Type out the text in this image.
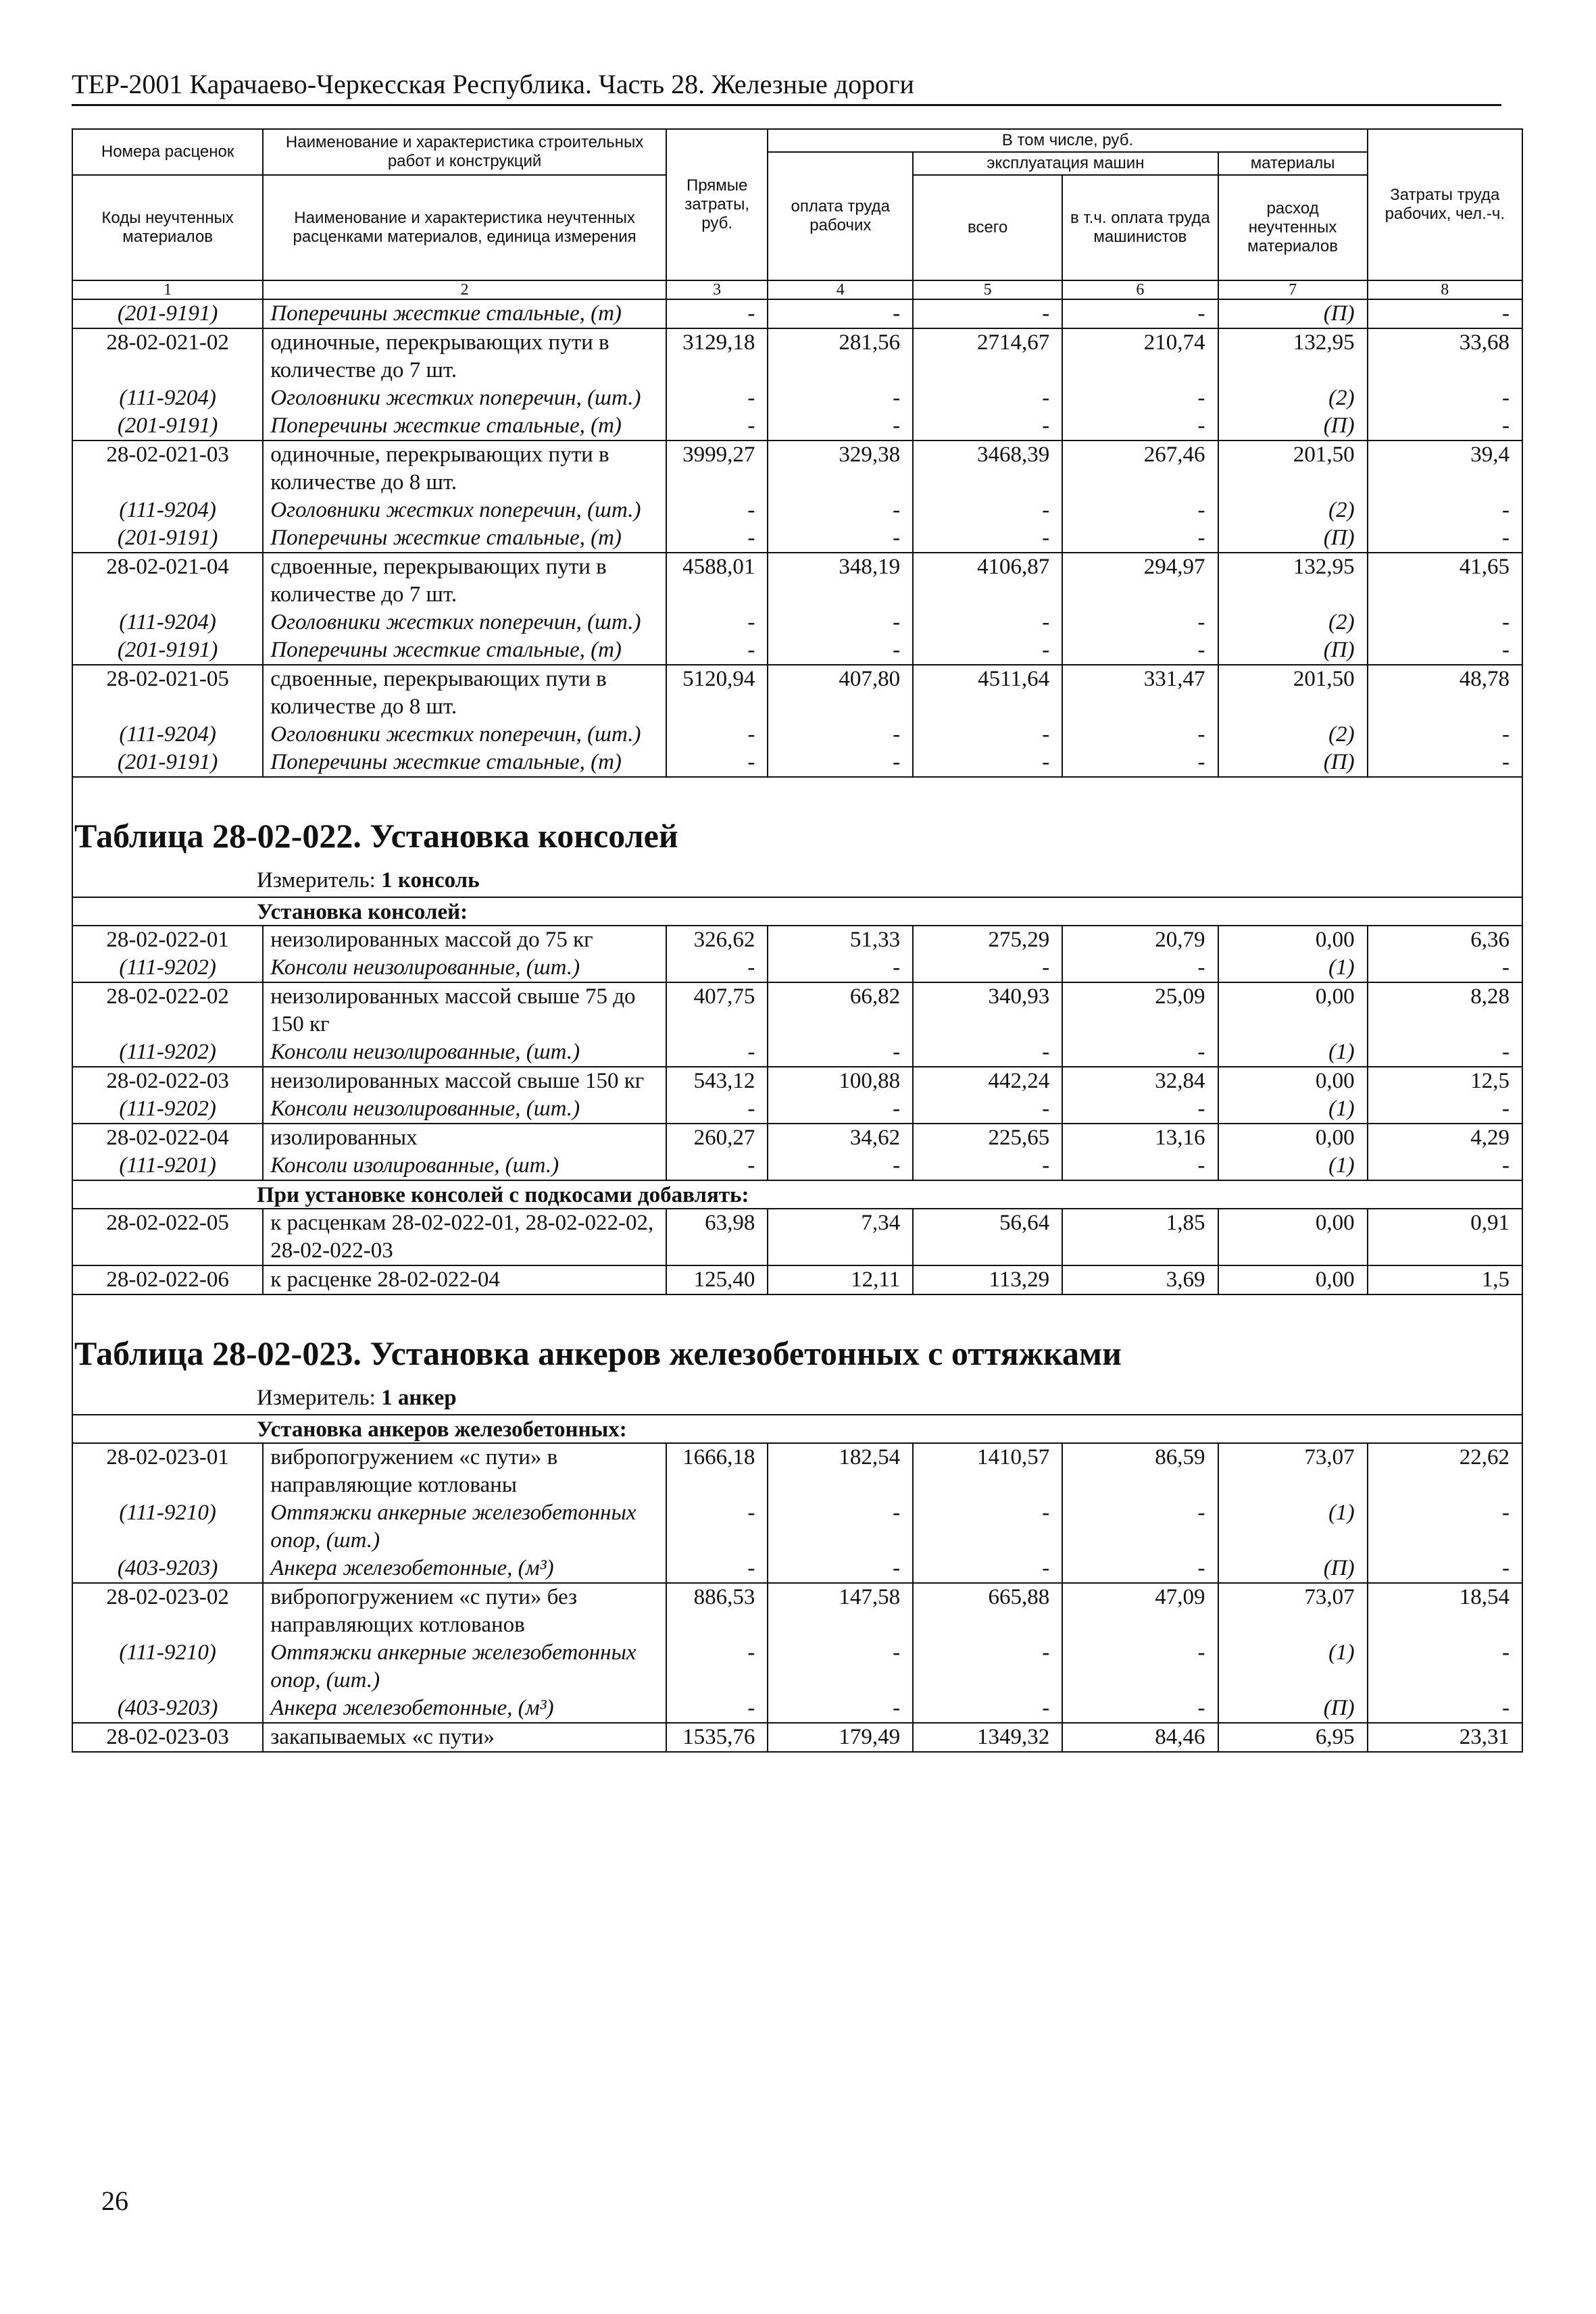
ТЕР-2001 Карачаево-Черкесская Республика. Часть 28. Железные дороги
Номера расценок	Наименование и характеристика строительных работ и конструкций	Прямые затраты, руб.	В том числе, руб.				Затраты труда рабочих, чел.-ч.
			оплата труда рабочих	эксплуатация машин		материалы	
Коды неучтенных материалов	Наименование и характеристика неучтенных расценками материалов, единица измерения			всего	в т.ч. оплата труда машинистов	расход неучтенных материалов	

1	2	3	4	5	6	7	8
(201-9191)	Поперечины жесткие стальные, (т)	-	-	-	-	(П)	-
28-02-021-02	одиночные, перекрывающих пути в количестве до 7 шт.	3129,18	281,56	2714,67	210,74	132,95	33,68
(111-9204)	Оголовники жестких поперечин, (шт.)	-	-	-	-	(2)	-
(201-9191)	Поперечины жесткие стальные, (т)	-	-	-	-	(П)	-
28-02-021-03	одиночные, перекрывающих пути в количестве до 8 шт.	3999,27	329,38	3468,39	267,46	201,50	39,4
(111-9204)	Оголовники жестких поперечин, (шт.)	-	-	-	-	(2)	-
(201-9191)	Поперечины жесткие стальные, (т)	-	-	-	-	(П)	-
28-02-021-04	сдвоенные, перекрывающих пути в количестве до 7 шт.	4588,01	348,19	4106,87	294,97	132,95	41,65
(111-9204)	Оголовники жестких поперечин, (шт.)	-	-	-	-	(2)	-
(201-9191)	Поперечины жесткие стальные, (т)	-	-	-	-	(П)	-
28-02-021-05	сдвоенные, перекрывающих пути в количестве до 8 шт.	5120,94	407,80	4511,64	331,47	201,50	48,78
(111-9204)	Оголовники жестких поперечин, (шт.)	-	-	-	-	(2)	-
(201-9191)	Поперечины жесткие стальные, (т)	-	-	-	-	(П)	-
Таблица 28-02-022. Установка консолей							
Измеритель: 1 консоль							
Установка консолей:							
28-02-022-01	неизолированных массой до 75 кг	326,62	51,33	275,29	20,79	0,00	6,36
(111-9202)	Консоли неизолированные, (шт.)	-	-	-	-	(1)	-
28-02-022-02	неизолированных массой свыше 75 до 150 кг	407,75	66,82	340,93	25,09	0,00	8,28
(111-9202)	Консоли неизолированные, (шт.)	-	-	-	-	(1)	-
28-02-022-03	неизолированных массой свыше 150 кг	543,12	100,88	442,24	32,84	0,00	12,5
(111-9202)	Консоли неизолированные, (шт.)	-	-	-	-	(1)	-
28-02-022-04	изолированных	260,27	34,62	225,65	13,16	0,00	4,29
(111-9201)	Консоли изолированные, (шт.)	-	-	-	-	(1)	-
При установке консолей с подкосами добавлять:							
28-02-022-05	к расценкам 28-02-022-01, 28-02-022-02, 28-02-022-03	63,98	7,34	56,64	1,85	0,00	0,91
28-02-022-06	к расценке 28-02-022-04	125,40	12,11	113,29	3,69	0,00	1,5
Таблица 28-02-023. Установка анкеров железобетонных с оттяжками							
Измеритель: 1 анкер							
Установка анкеров железобетонных:							
28-02-023-01	вибропогружением «с пути» в направляющие котлованы	1666,18	182,54	1410,57	86,59	73,07	22,62
(111-9210)	Оттяжки анкерные железобетонных опор, (шт.)	-	-	-	-	(1)	-
(403-9203)	Анкера железобетонные, (м³)	-	-	-	-	(П)	-
28-02-023-02	вибропогружением «с пути» без направляющих котлованов	886,53	147,58	665,88	47,09	73,07	18,54
(111-9210)	Оттяжки анкерные железобетонных опор, (шт.)	-	-	-	-	(1)	-
(403-9203)	Анкера железобетонные, (м³)	-	-	-	-	(П)	-
28-02-023-03	закапываемых «с пути»	1535,76	179,49	1349,32	84,46	6,95	23,31
26
